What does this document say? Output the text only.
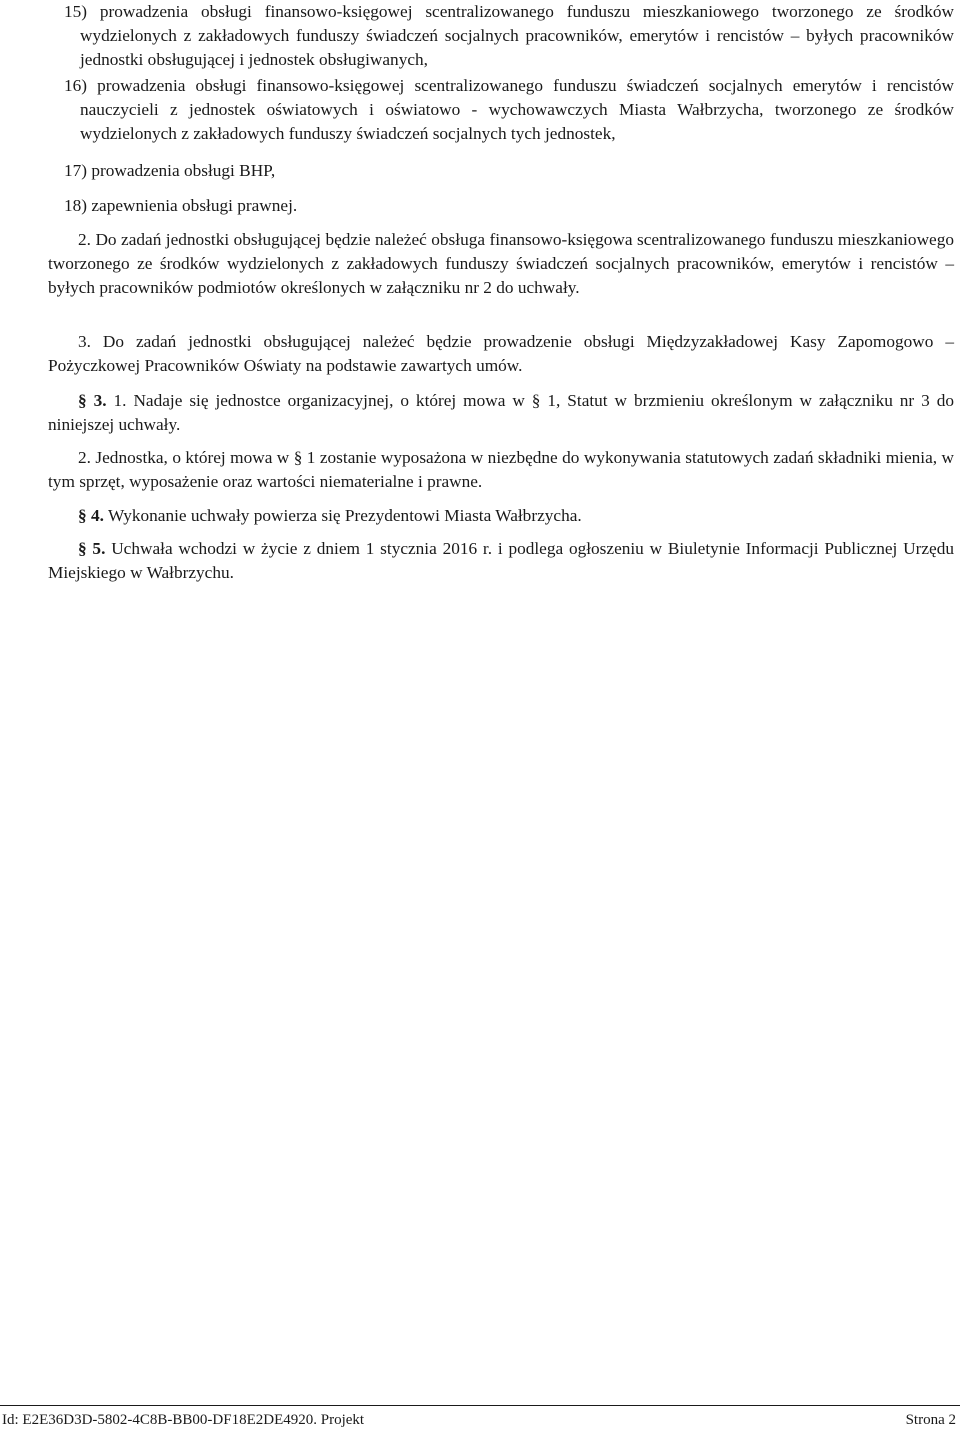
15) prowadzenia obsługi finansowo-księgowej scentralizowanego funduszu mieszkaniowego tworzonego ze środków wydzielonych z zakładowych funduszy świadczeń socjalnych pracowników, emerytów i rencistów – byłych pracowników jednostki obsługującej i jednostek obsługiwanych,
16) prowadzenia obsługi finansowo-księgowej scentralizowanego funduszu świadczeń socjalnych emerytów i rencistów nauczycieli z jednostek oświatowych i oświatowo - wychowawczych Miasta Wałbrzycha, tworzonego ze środków wydzielonych z zakładowych funduszy świadczeń socjalnych tych jednostek,
17) prowadzenia obsługi BHP,
18) zapewnienia obsługi prawnej.
2. Do zadań jednostki obsługującej będzie należeć obsługa finansowo-księgowa scentralizowanego funduszu mieszkaniowego tworzonego ze środków wydzielonych z zakładowych funduszy świadczeń socjalnych pracowników, emerytów i rencistów – byłych pracowników podmiotów określonych w załączniku nr 2 do uchwały.
3. Do zadań jednostki obsługującej należeć będzie prowadzenie obsługi Międzyzakładowej Kasy Zapomogowo – Pożyczkowej Pracowników Oświaty na podstawie zawartych umów.
§ 3. 1. Nadaje się jednostce organizacyjnej, o której mowa w § 1, Statut w brzmieniu określonym w załączniku nr 3 do niniejszej uchwały.
2. Jednostka, o której mowa w § 1 zostanie wyposażona w niezbędne do wykonywania statutowych zadań składniki mienia, w tym sprzęt, wyposażenie oraz wartości niematerialne i prawne.
§ 4. Wykonanie uchwały powierza się Prezydentowi Miasta Wałbrzycha.
§ 5. Uchwała wchodzi w życie z dniem 1 stycznia 2016 r. i podlega ogłoszeniu w Biuletynie Informacji Publicznej Urzędu Miejskiego w Wałbrzychu.
Id: E2E36D3D-5802-4C8B-BB00-DF18E2DE4920. Projekt	Strona 2
